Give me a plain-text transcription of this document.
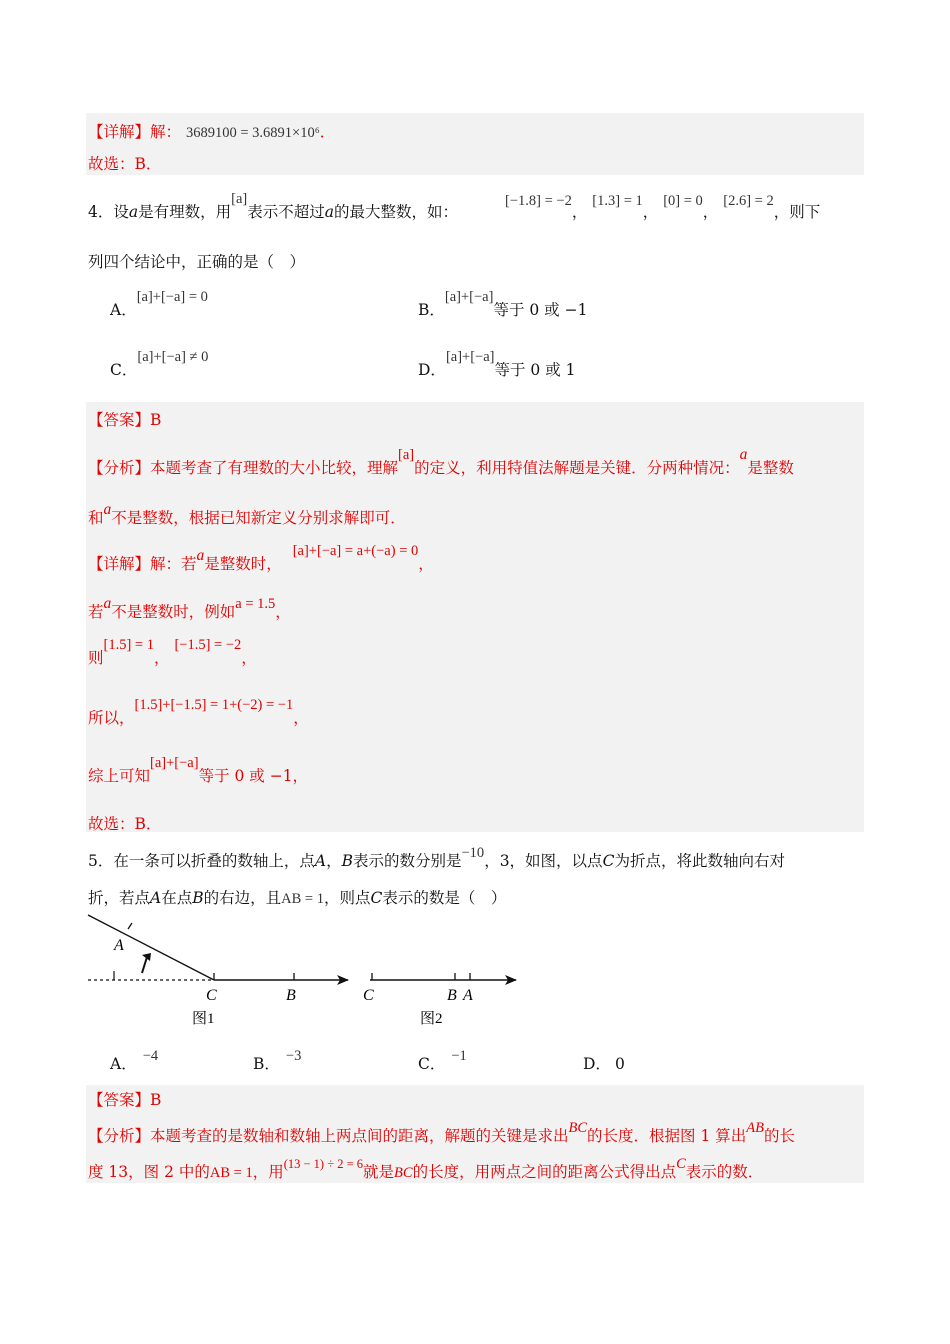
【详解】解： 3689100 = 3.6891×10⁶．
故选：B．
4．设a是有理数，用[a]表示不超过a的最大整数，如：
[−1.8] = −2， [1.3] = 1， [0] = 0， [2.6] = 2，则下
列四个结论中，正确的是（　）
A．[a]+[−a] = 0
B．[a]+[−a]等于 0 或 −1
C．[a]+[−a] ≠ 0
D．[a]+[−a]等于 0 或 1
【答案】B
【分析】本题考查了有理数的大小比较，理解[a]的定义，利用特值法解题是关键．分两种情况：a是整数
和a不是整数，根据已知新定义分别求解即可．
【详解】解：若a是整数时， [a]+[−a] = a+(−a) = 0，
若a不是整数时，例如a = 1.5，
则[1.5] = 1， [−1.5] = −2，
所以，[1.5]+[−1.5] = 1+(−2) = −1，
综上可知[a]+[−a]等于 0 或 −1，
故选：B．
5．在一条可以折叠的数轴上，点A，B表示的数分别是−10，3，如图，以点C为折点，将此数轴向右对
折，若点A在点B的右边，且AB = 1，则点C表示的数是（　）
A
C	B
图1
C	B A
图2
A． −4	B． −3	C． −1	D． 0
【答案】B
【分析】本题考查的是数轴和数轴上两点间的距离，解题的关键是求出BC的长度．根据图 1 算出AB的长
度 13，图 2 中的AB = 1，用$^{(13 - 1) \div 2 = 6}$就是BC的长度，用两点之间的距离公式得出点C表示的数．
